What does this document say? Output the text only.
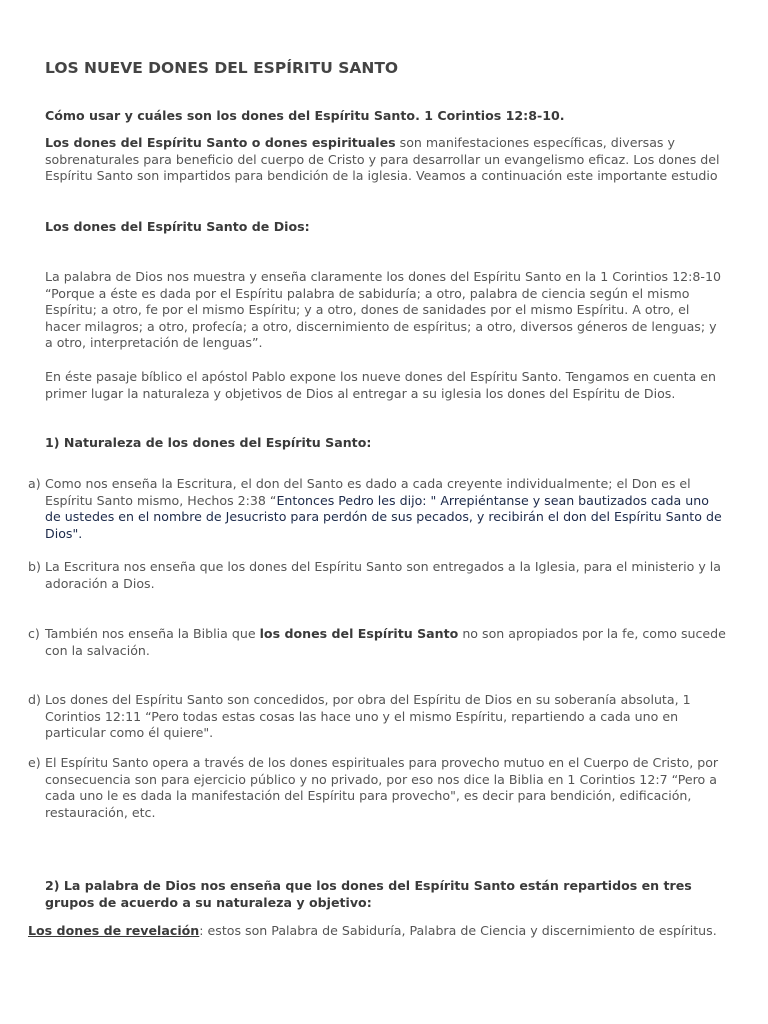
LOS NUEVE DONES DEL ESPÍRITU SANTO

Cómo usar y cuáles son los dones del Espíritu Santo. 1 Corintios 12:8-10.

Los dones del Espíritu Santo o dones espirituales son manifestaciones específicas, diversas y sobrenaturales para beneficio del cuerpo de Cristo y para desarrollar un evangelismo eficaz. Los dones del Espíritu Santo son impartidos para bendición de la iglesia. Veamos a continuación este importante estudio

Los dones del Espíritu Santo de Dios:

La palabra de Dios nos muestra y enseña claramente los dones del Espíritu Santo en la 1 Corintios 12:8-10 “Porque a éste es dada por el Espíritu palabra de sabiduría; a otro, palabra de ciencia según el mismo Espíritu; a otro, fe por el mismo Espíritu; y a otro, dones de sanidades por el mismo Espíritu. A otro, el hacer milagros; a otro, profecía; a otro, discernimiento de espíritus; a otro, diversos géneros de lenguas; y a otro, interpretación de lenguas”.

En éste pasaje bíblico el apóstol Pablo expone los nueve dones del Espíritu Santo. Tengamos en cuenta en primer lugar la naturaleza y objetivos de Dios al entregar a su iglesia los dones del Espíritu de Dios.

1) Naturaleza de los dones del Espíritu Santo:

a) Como nos enseña la Escritura, el don del Santo es dado a cada creyente individualmente; el Don es el Espíritu Santo mismo, Hechos 2:38 “Entonces Pedro les dijo: " Arrepiéntanse y sean bautizados cada uno de ustedes en el nombre de Jesucristo para perdón de sus pecados, y recibirán el don del Espíritu Santo de Dios".
b) La Escritura nos enseña que los dones del Espíritu Santo son entregados a la Iglesia, para el ministerio y la adoración a Dios.
c) También nos enseña la Biblia que los dones del Espíritu Santo no son apropiados por la fe, como sucede con la salvación.
d) Los dones del Espíritu Santo son concedidos, por obra del Espíritu de Dios en su soberanía absoluta, 1 Corintios 12:11 “Pero todas estas cosas las hace uno y el mismo Espíritu, repartiendo a cada uno en particular como él quiere".
e) El Espíritu Santo opera a través de los dones espirituales para provecho mutuo en el Cuerpo de Cristo, por consecuencia son para ejercicio público y no privado, por eso nos dice la Biblia en 1 Corintios 12:7 “Pero a cada uno le es dada la manifestación del Espíritu para provecho", es decir para bendición, edificación, restauración, etc.

2) La palabra de Dios nos enseña que los dones del Espíritu Santo están repartidos en tres grupos de acuerdo a su naturaleza y objetivo:

Los dones de revelación: estos son Palabra de Sabiduría, Palabra de Ciencia y discernimiento de espíritus.
